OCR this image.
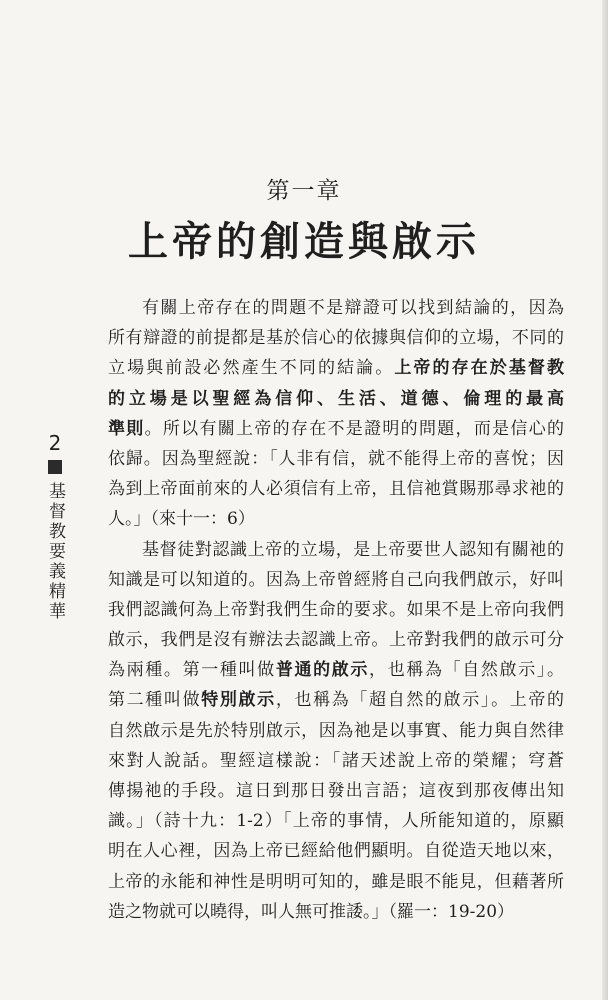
第一章
上帝的創造與啟示
2
基督教要義精華
有關上帝存在的問題不是辯證可以找到結論的，因為
所有辯證的前提都是基於信心的依據與信仰的立場，不同的
立場與前設必然產生不同的結論。上帝的存在於基督教
的立場是以聖經為信仰、生活、道德、倫理的最高
準則。所以有關上帝的存在不是證明的問題，而是信心的
依歸。因為聖經說：「人非有信，就不能得上帝的喜悅；因
為到上帝面前來的人必須信有上帝，且信祂賞賜那尋求祂的
人。」（來十一：6）
基督徒對認識上帝的立場，是上帝要世人認知有關祂的
知識是可以知道的。因為上帝曾經將自己向我們啟示，好叫
我們認識何為上帝對我們生命的要求。如果不是上帝向我們
啟示，我們是沒有辦法去認識上帝。上帝對我們的啟示可分
為兩種。第一種叫做普通的啟示，也稱為「自然啟示」。
第二種叫做特別啟示，也稱為「超自然的啟示」。上帝的
自然啟示是先於特別啟示，因為祂是以事實、能力與自然律
來對人說話。聖經這樣說：「諸天述說上帝的榮耀；穹蒼
傳揚祂的手段。這日到那日發出言語；這夜到那夜傳出知
識。」（詩十九：1-2）「上帝的事情，人所能知道的，原顯
明在人心裡，因為上帝已經給他們顯明。自從造天地以來，
上帝的永能和神性是明明可知的，雖是眼不能見，但藉著所
造之物就可以曉得，叫人無可推諉。」（羅一：19-20）
